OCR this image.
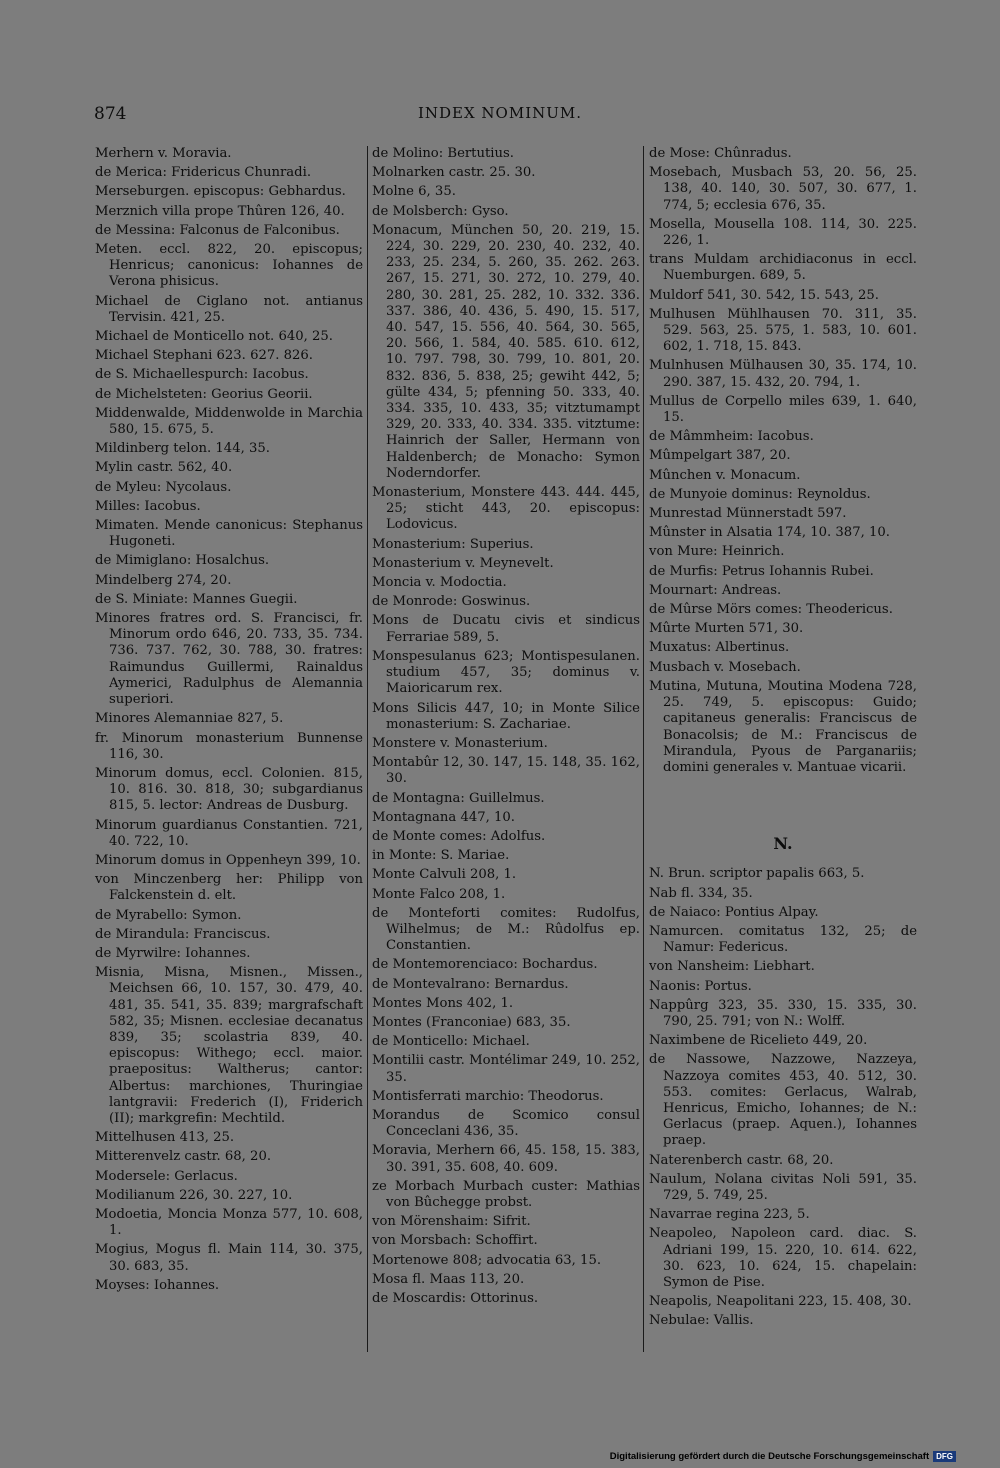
874	INDEX NOMINUM.
Merhern v. Moravia.
de Merica: Fridericus Chunradi.
Merseburgen. episcopus: Gebhardus.
Merznich villa prope Thûren 126, 40.
de Messina: Falconus de Falconibus.
Meten. eccl. 822, 20. episcopus; Henricus; canonicus: Iohannes de Verona phisicus.
Michael de Ciglano not. antianus Tervisin. 421, 25.
Michael de Monticello not. 640, 25.
Michael Stephani 623. 627. 826.
de S. Michaellespurch: Iacobus.
de Michelsteten: Georius Georii.
Middenwalde, Middenwolde in Marchia 580, 15. 675, 5.
Mildinberg telon. 144, 35.
Mylin castr. 562, 40.
de Myleu: Nycolaus.
Milles: Iacobus.
Mimaten. Mende canonicus: Stephanus Hugoneti.
de Mimiglano: Hosalchus.
Mindelberg 274, 20.
de S. Miniate: Mannes Guegii.
Minores fratres ord. S. Francisci, fr. Minorum ordo 646, 20. 733, 35. 734. 736. 737. 762, 30. 788, 30. fratres: Raimundus Guillermi, Rainaldus Aymerici, Radulphus de Alemannia superiori.
Minores Alemanniae 827, 5.
fr. Minorum monasterium Bunnense 116, 30.
Minorum domus, eccl. Colonien. 815, 10. 816. 30. 818, 30; subgardianus 815, 5. lector: Andreas de Dusburg.
Minorum guardianus Constantien. 721, 40. 722, 10.
Minorum domus in Oppenheyn 399, 10.
von Minczenberg her: Philipp von Falckenstein d. elt.
de Myrabello: Symon.
de Mirandula: Franciscus.
de Myrwilre: Iohannes.
Misnia, Misna, Misnen., Missen., Meichsen 66, 10. 157, 30. 479, 40. 481, 35. 541, 35. 839; margrafschaft 582, 35; Misnen. ecclesiae decanatus 839, 35; scolastria 839, 40. episcopus: Withego; eccl. maior. praepositus: Waltherus; cantor: Albertus: marchiones, Thuringiae lantgravii: Frederich (I), Friderich (II); markgrefin: Mechtild.
Mittelhusen 413, 25.
Mitterenvelz castr. 68, 20.
Modersele: Gerlacus.
Modilianum 226, 30. 227, 10.
Modoetia, Moncia Monza 577, 10. 608, 1.
Mogius, Mogus fl. Main 114, 30. 375, 30. 683, 35.
Moyses: Iohannes.
de Molino: Bertutius.
Molnarken castr. 25. 30.
Molne 6, 35.
de Molsberch: Gyso.
Monacum, München 50, 20. 219, 15. 224, 30. 229, 20. 230, 40. 232, 40. 233, 25. 234, 5. 260, 35. 262. 263. 267, 15. 271, 30. 272, 10. 279, 40. 280, 30. 281, 25. 282, 10. 332. 336. 337. 386, 40. 436, 5. 490, 15. 517, 40. 547, 15. 556, 40. 564, 30. 565, 20. 566, 1. 584, 40. 585. 610. 612, 10. 797. 798, 30. 799, 10. 801, 20. 832. 836, 5. 838, 25; gewiht 442, 5; gülte 434, 5; pfenning 50. 333, 40. 334. 335, 10. 433, 35; vitztumampt 329, 20. 333, 40. 334. 335. vitztume: Hainrich der Saller, Hermann von Haldenberch; de Monacho: Symon Noderndorfer.
Monasterium, Monstere 443. 444. 445, 25; sticht 443, 20. episcopus: Lodovicus.
Monasterium: Superius.
Monasterium v. Meynevelt.
Moncia v. Modoctia.
de Monrode: Goswinus.
Mons de Ducatu civis et sindicus Ferrariae 589, 5.
Monspesulanus 623; Montispesulanen. studium 457, 35; dominus v. Maioricarum rex.
Mons Silicis 447, 10; in Monte Silice monasterium: S. Zachariae.
Monstere v. Monasterium.
Montabûr 12, 30. 147, 15. 148, 35. 162, 30.
de Montagna: Guillelmus.
Montagnana 447, 10.
de Monte comes: Adolfus.
in Monte: S. Mariae.
Monte Calvuli 208, 1.
Monte Falco 208, 1.
de Monteforti comites: Rudolfus, Wilhelmus; de M.: Rûdolfus ep. Constantien.
de Montemorenciaco: Bochardus.
de Montevalrano: Bernardus.
Montes Mons 402, 1.
Montes (Franconiae) 683, 35.
de Monticello: Michael.
Montilii castr. Montélimar 249, 10. 252, 35.
Montisferrati marchio: Theodorus.
Morandus de Scomico consul Conceclani 436, 35.
Moravia, Merhern 66, 45. 158, 15. 383, 30. 391, 35. 608, 40. 609.
ze Morbach Murbach custer: Mathias von Bûchegge probst.
von Mörenshaim: Sifrit.
von Morsbach: Schoffirt.
Mortenowe 808; advocatia 63, 15.
Mosa fl. Maas 113, 20.
de Moscardis: Ottorinus.
de Mose: Chûnradus.
Mosebach, Musbach 53, 20. 56, 25. 138, 40. 140, 30. 507, 30. 677, 1. 774, 5; ecclesia 676, 35.
Mosella, Mousella 108. 114, 30. 225. 226, 1.
trans Muldam archidiaconus in eccl. Nuemburgen. 689, 5.
Muldorf 541, 30. 542, 15. 543, 25.
Mulhusen Mühlhausen 70. 311, 35. 529. 563, 25. 575, 1. 583, 10. 601. 602, 1. 718, 15. 843.
Mulnhusen Mülhausen 30, 35. 174, 10. 290. 387, 15. 432, 20. 794, 1.
Mullus de Corpello miles 639, 1. 640, 15.
de Mâmmheim: Iacobus.
Mûmpelgart 387, 20.
Mûnchen v. Monacum.
de Munyoie dominus: Reynoldus.
Munrestad Münnerstadt 597.
Mûnster in Alsatia 174, 10. 387, 10.
von Mure: Heinrich.
de Murfis: Petrus Iohannis Rubei.
Mournart: Andreas.
de Mûrse Mörs comes: Theodericus.
Mûrte Murten 571, 30.
Muxatus: Albertinus.
Musbach v. Mosebach.
Mutina, Mutuna, Moutina Modena 728, 25. 749, 5. episcopus: Guido; capitaneus generalis: Franciscus de Bonacolsis; de M.: Franciscus de Mirandula, Pyous de Parganariis; domini generales v. Mantuae vicarii.
N.
N. Brun. scriptor papalis 663, 5.
Nab fl. 334, 35.
de Naiaco: Pontius Alpay.
Namurcen. comitatus 132, 25; de Namur: Federicus.
von Nansheim: Liebhart.
Naonis: Portus.
Nappûrg 323, 35. 330, 15. 335, 30. 790, 25. 791; von N.: Wolff.
Naximbene de Ricelieto 449, 20.
de Nassowe, Nazzowe, Nazzeya, Nazzoya comites 453, 40. 512, 30. 553. comites: Gerlacus, Walrab, Henricus, Emicho, Iohannes; de N.: Gerlacus (praep. Aquen.), Iohannes praep.
Naterenberch castr. 68, 20.
Naulum, Nolana civitas Noli 591, 35. 729, 5. 749, 25.
Navarrae regina 223, 5.
Neapoleo, Napoleon card. diac. S. Adriani 199, 15. 220, 10. 614. 622, 30. 623, 10. 624, 15. chapelain: Symon de Pise.
Neapolis, Neapolitani 223, 15. 408, 30.
Nebulae: Vallis.
Digitalisierung gefördert durch die Deutsche Forschungsgemeinschaft DFG
